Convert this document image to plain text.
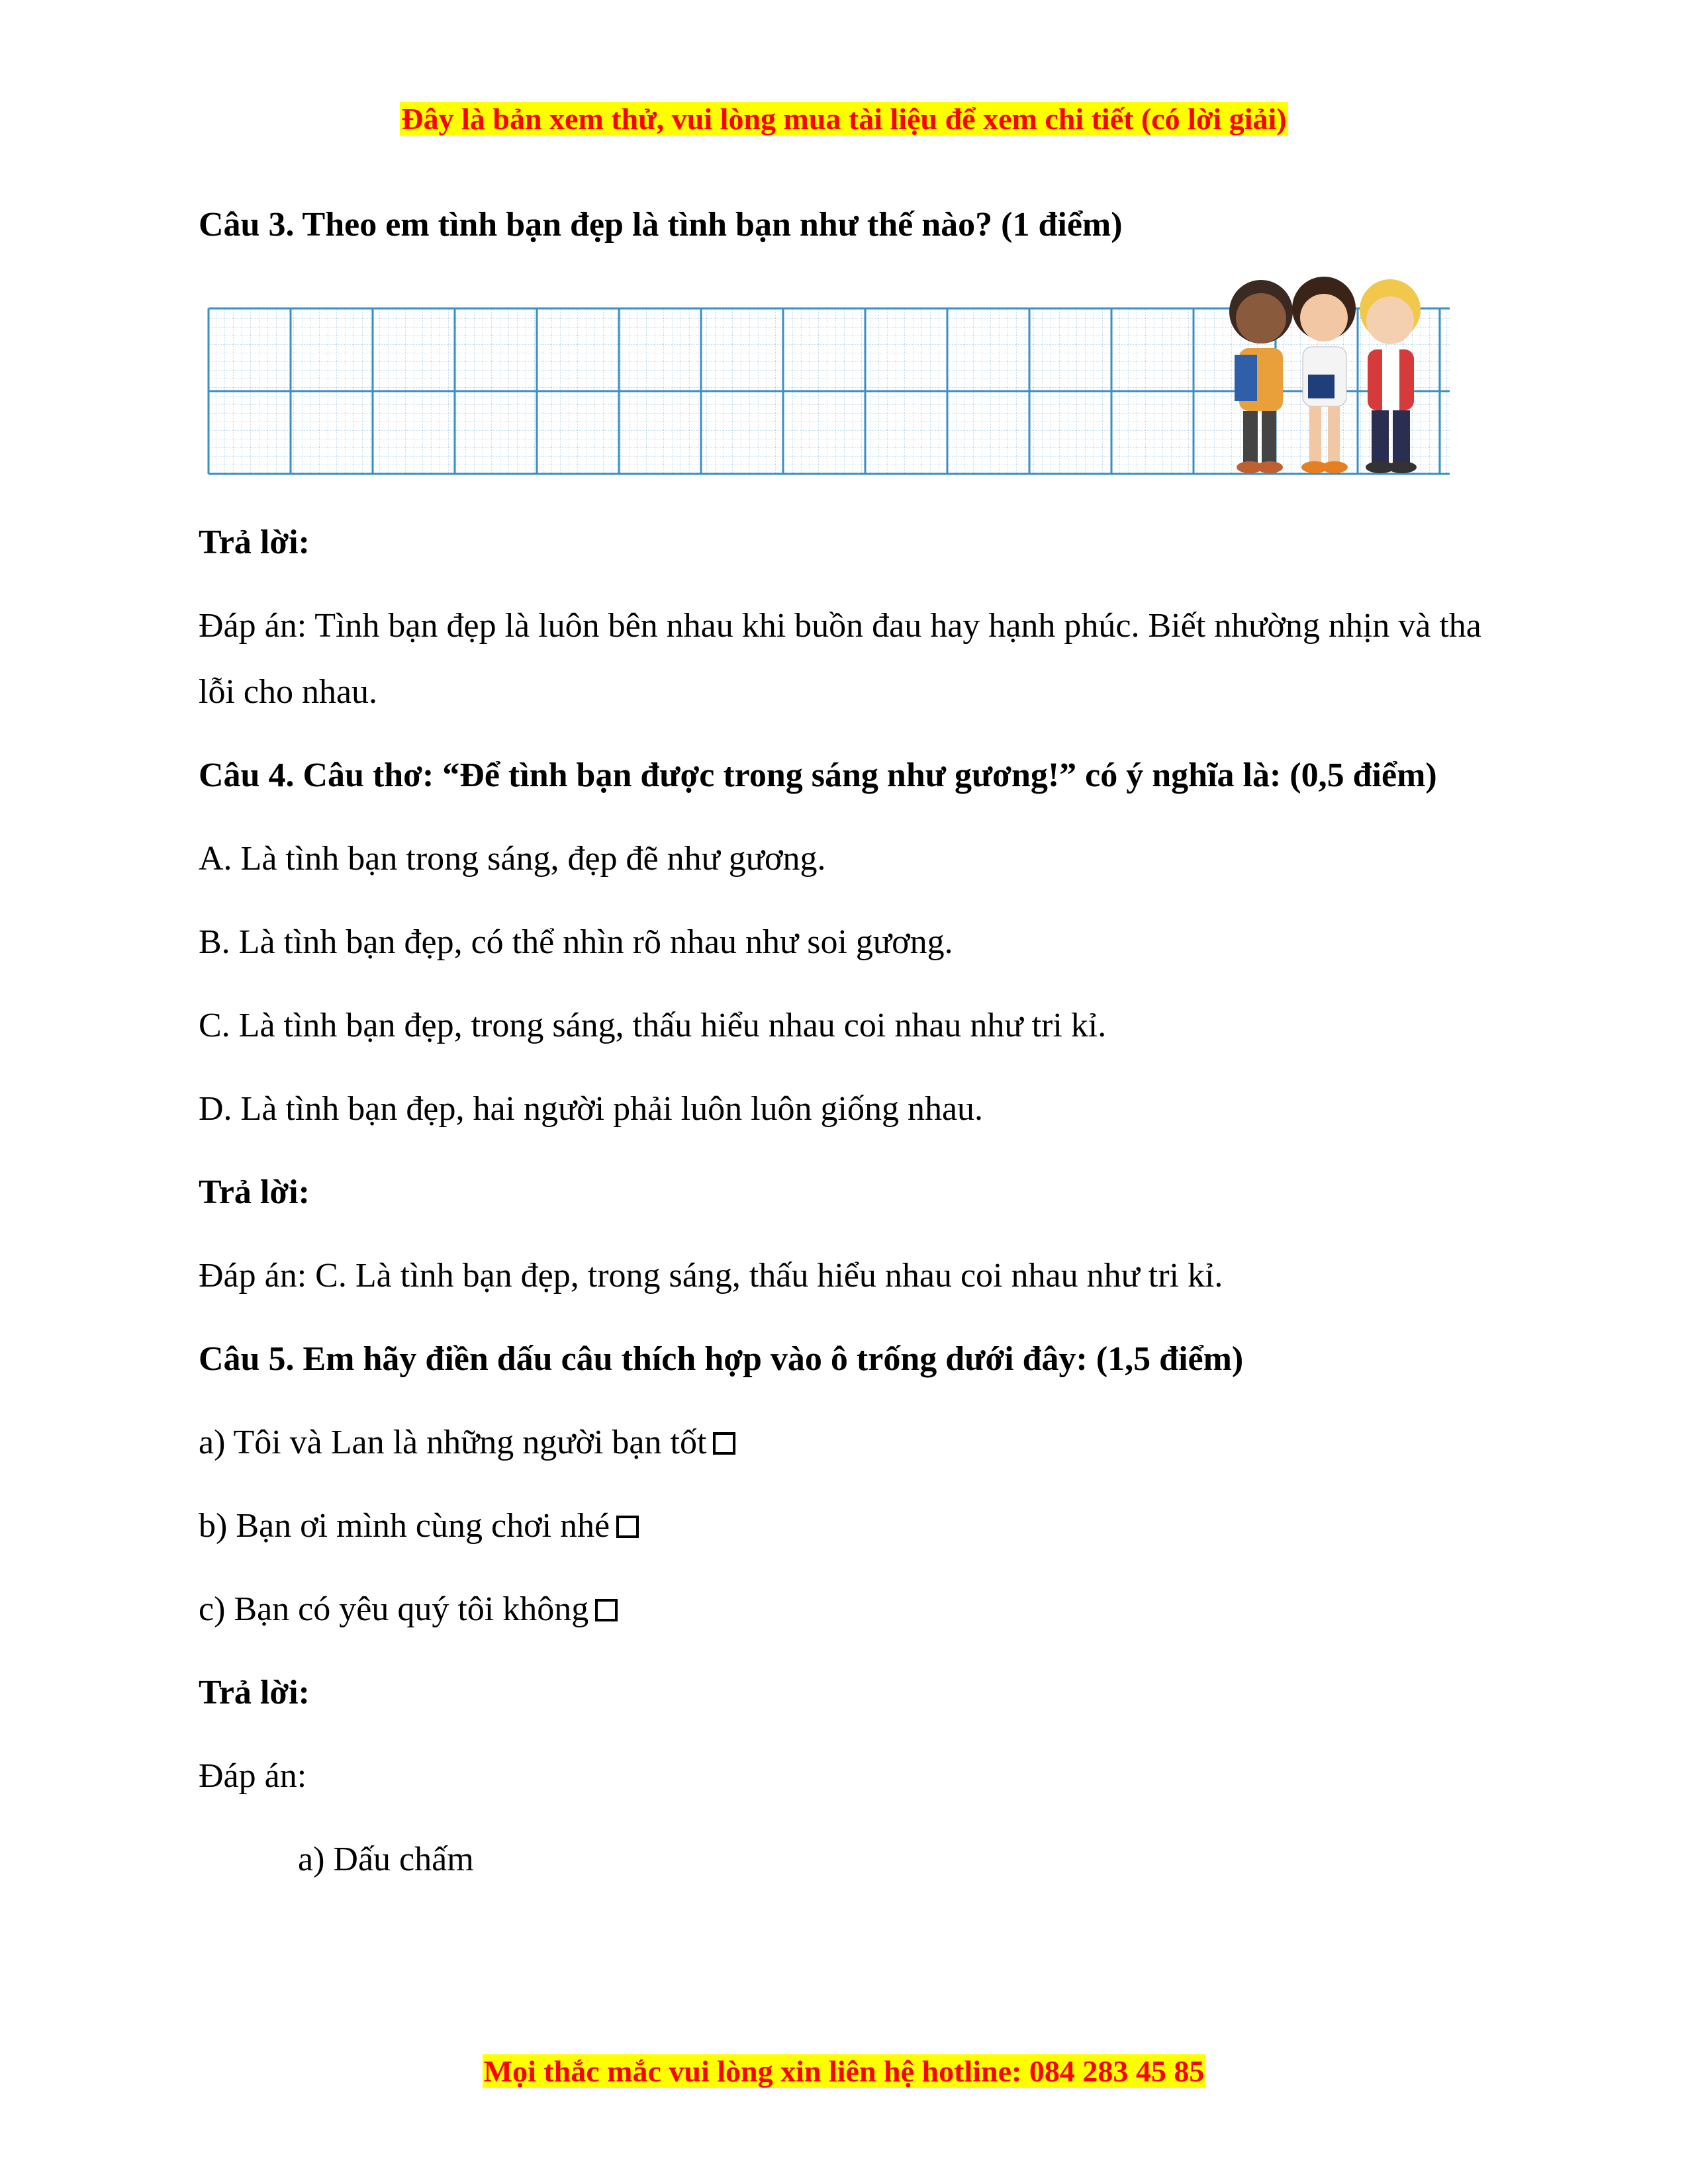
Đây là bản xem thử, vui lòng mua tài liệu để xem chi tiết (có lời giải)
Câu 3. Theo em tình bạn đẹp là tình bạn như thế nào? (1 điểm)
Trả lời:
Đáp án: Tình bạn đẹp là luôn bên nhau khi buồn đau hay hạnh phúc. Biết nhường nhịn và tha lỗi cho nhau.
Câu 4. Câu thơ: “Để tình bạn được trong sáng như gương!” có ý nghĩa là: (0,5 điểm)
A. Là tình bạn trong sáng, đẹp đẽ như gương.
B. Là tình bạn đẹp, có thể nhìn rõ nhau như soi gương.
C. Là tình bạn đẹp, trong sáng, thấu hiểu nhau coi nhau như tri kỉ.
D. Là tình bạn đẹp, hai người phải luôn luôn giống nhau.
Trả lời:
Đáp án: C. Là tình bạn đẹp, trong sáng, thấu hiểu nhau coi nhau như tri kỉ.
Câu 5. Em hãy điền dấu câu thích hợp vào ô trống dưới đây: (1,5 điểm)
a) Tôi và Lan là những người bạn tốt
b) Bạn ơi mình cùng chơi nhé
c) Bạn có yêu quý tôi không
Trả lời:
Đáp án:
a) Dấu chấm
Mọi thắc mắc vui lòng xin liên hệ hotline: 084 283 45 85
